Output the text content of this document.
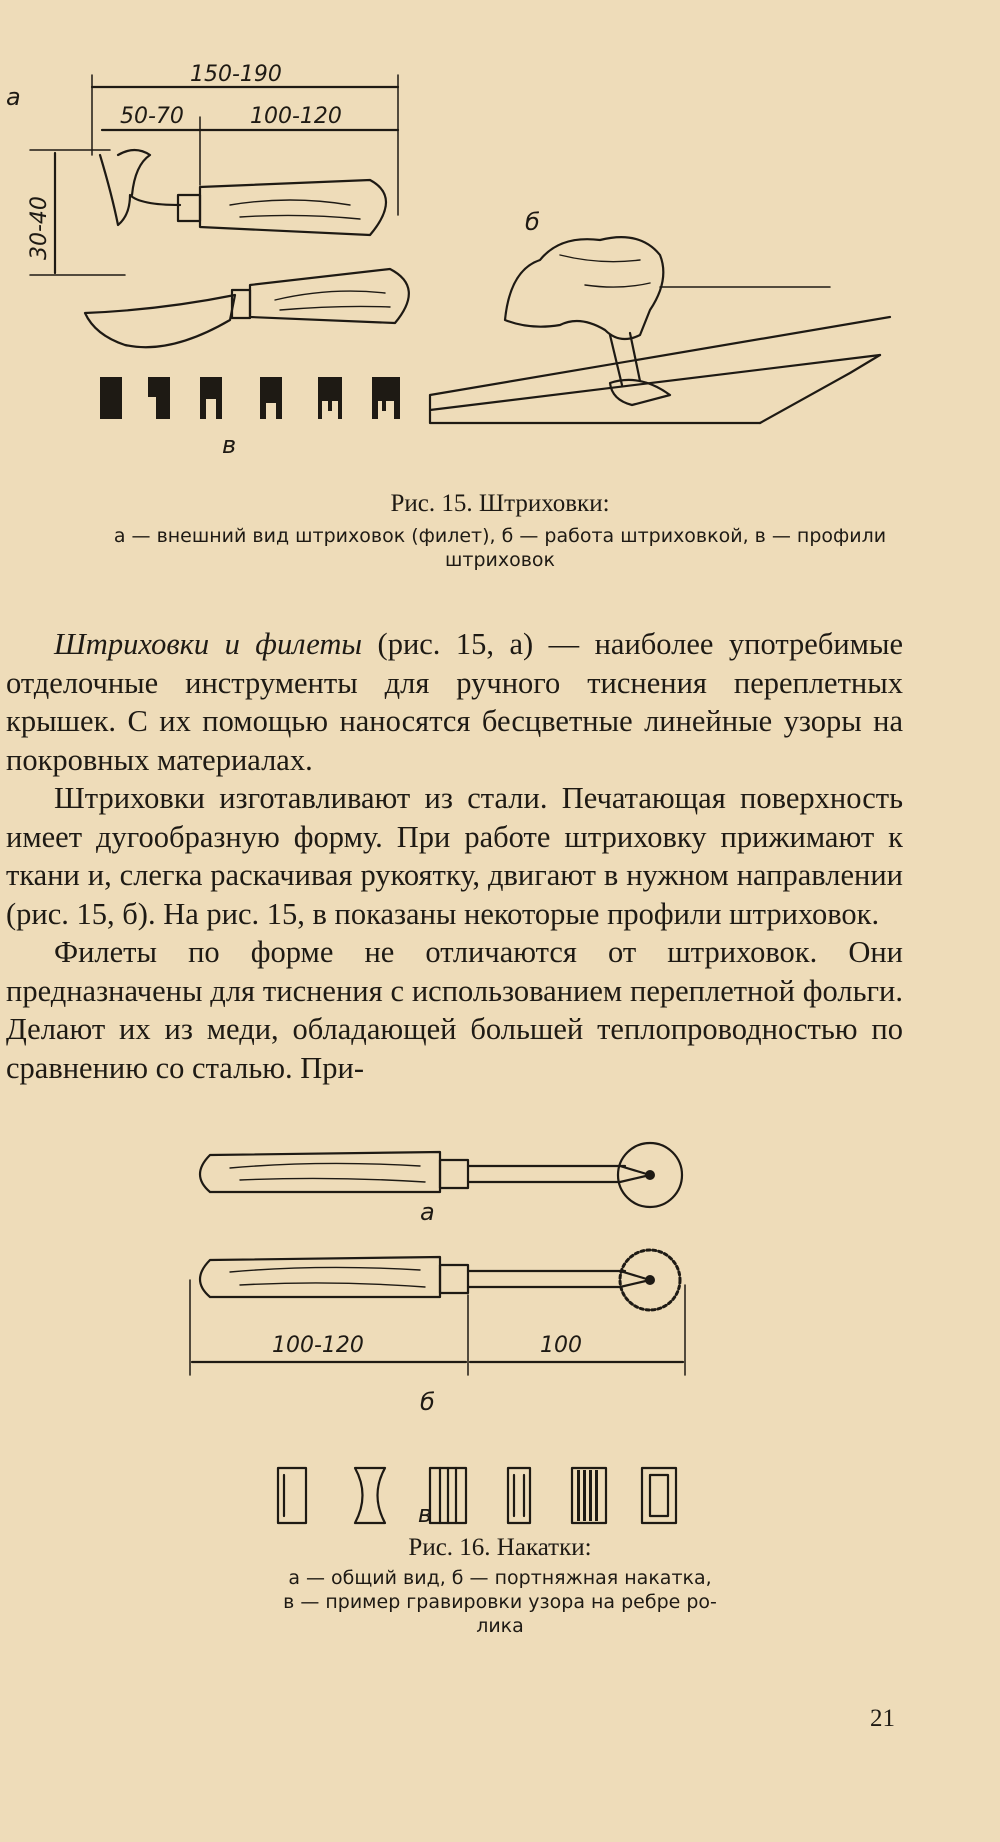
а
150-190
50-70	100-120
30-40
в
б
Рис. 15. Штриховки:
а — внешний вид штриховок (филет), б — работа штриховкой, в — профили
штриховок

Штриховки и филеты (рис. 15, а) — наиболее употребимые отделочные инструменты для ручного тиснения переплетных крышек. С их помощью наносятся бесцветные линейные узоры на покровных материалах.

Штриховки изготавливают из стали. Печатающая поверхность имеет дугообразную форму. При работе штриховку прижимают к ткани и, слегка раскачивая рукоятку, двигают в нужном направлении (рис. 15, б). На рис. 15, в показаны некоторые профили штриховок.

Филеты по форме не отличаются от штриховок. Они предназначены для тиснения с использованием переплетной фольги. Делают их из меди, обладающей большей теплопроводностью по сравнению со сталью. При-

а
100-120	100
б
в
Рис. 16. Накатки:
а — общий вид, б — портняжная накатка,
в — пример гравировки узора на ребре ро-
лика
21
